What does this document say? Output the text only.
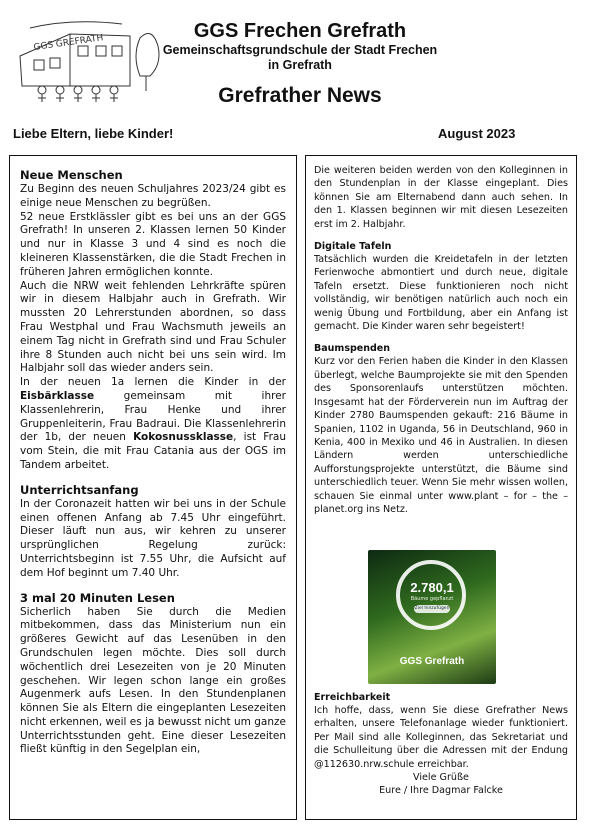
GGS GREFRATH
GGS Frechen Grefrath
Gemeinschaftsgrundschule der Stadt Frechen
in Grefrath
Grefrather News
Liebe Eltern, liebe Kinder!	August 2023
Neue Menschen

Zu Beginn des neuen Schuljahres 2023/24 gibt es einige neue Menschen zu begrüßen.

52 neue Erstklässler gibt es bei uns an der GGS Grefrath! In unseren 2. Klassen lernen 50 Kinder und nur in Klasse 3 und 4 sind es noch die kleineren Klassenstärken, die die Stadt Frechen in früheren Jahren ermöglichen konnte.

Auch die NRW weit fehlenden Lehrkräfte spüren wir in diesem Halbjahr auch in Grefrath. Wir mussten 20 Lehrerstunden abordnen, so dass Frau Westphal und Frau Wachsmuth jeweils an einem Tag nicht in Grefrath sind und Frau Schuler ihre 8 Stunden auch nicht bei uns sein wird. Im Halbjahr soll das wieder anders sein.

In der neuen 1a lernen die Kinder in der Eisbärklasse	gemeinsam mit ihrer Klassenlehrerin, Frau Henke und ihrer Gruppenleiterin, Frau Badraui. Die Klassenlehrerin der 1b, der neuen Kokosnussklasse, ist Frau vom Stein, die mit Frau Catania aus der OGS im Tandem arbeitet.

Unterrichtsanfang

In der Coronazeit hatten wir bei uns in der Schule einen offenen Anfang ab 7.45 Uhr eingeführt. Dieser läuft nun aus, wir kehren zu unserer ursprünglichen Regelung zurück: Unterrichtsbeginn ist 7.55 Uhr, die Aufsicht auf dem Hof beginnt um 7.40 Uhr.

3 mal 20 Minuten Lesen

Sicherlich haben Sie durch die Medien mitbekommen, dass das Ministerium nun ein größeres Gewicht auf das Lesenüben in den Grundschulen legen möchte. Dies soll durch wöchentlich drei Lesezeiten von je 20 Minuten geschehen. Wir legen schon lange ein großes Augenmerk aufs Lesen. In den Stundenplanen können Sie als Eltern die eingeplanten Lesezeiten nicht erkennen, weil es ja bewusst nicht um ganze Unterrichtsstunden geht. Eine dieser Lesezeiten fließt künftig in den Segelplan ein,

Die weiteren beiden werden von den Kolleginnen in den Stundenplan in der Klasse eingeplant. Dies können Sie am Elternabend dann auch sehen. In den 1. Klassen beginnen wir mit diesen Lesezeiten erst im 2. Halbjahr.

Digitale Tafeln

Tatsächlich wurden die Kreidetafeln in der letzten Ferienwoche abmontiert und durch neue, digitale Tafeln ersetzt. Diese funktionieren noch nicht vollständig, wir benötigen natürlich auch noch ein wenig Übung und Fortbildung, aber ein Anfang ist gemacht. Die Kinder waren sehr begeistert!

Baumspenden

Kurz vor den Ferien haben die Kinder in den Klassen überlegt, welche Baumprojekte sie mit den Spenden des Sponsorenlaufs unterstützen möchten. Insgesamt hat der Förderverein nun im Auftrag der Kinder 2780 Baumspenden gekauft: 216 Bäume in Spanien, 1102 in Uganda, 56 in Deutschland, 960 in Kenia, 400 in Mexiko und 46 in Australien. In diesen Ländern werden unterschiedliche Aufforstungsprojekte unterstützt, die Bäume sind unterschiedlich teuer. Wenn Sie mehr wissen wollen, schauen Sie einmal unter www.plant – for – the – planet.org ins Netz.

2.780,1
Bäume gepflanzt
Ziel hinzufügen
GGS Grefrath
Erreichbarkeit

Ich hoffe, dass, wenn Sie diese Grefrather News erhalten, unsere Telefonanlage wieder funktioniert. Per Mail sind alle Kolleginnen, das Sekretariat und die Schulleitung über die Adressen mit der Endung @112630.nrw.schule erreichbar.

Viele Grüße
Eure / Ihre Dagmar Falcke
